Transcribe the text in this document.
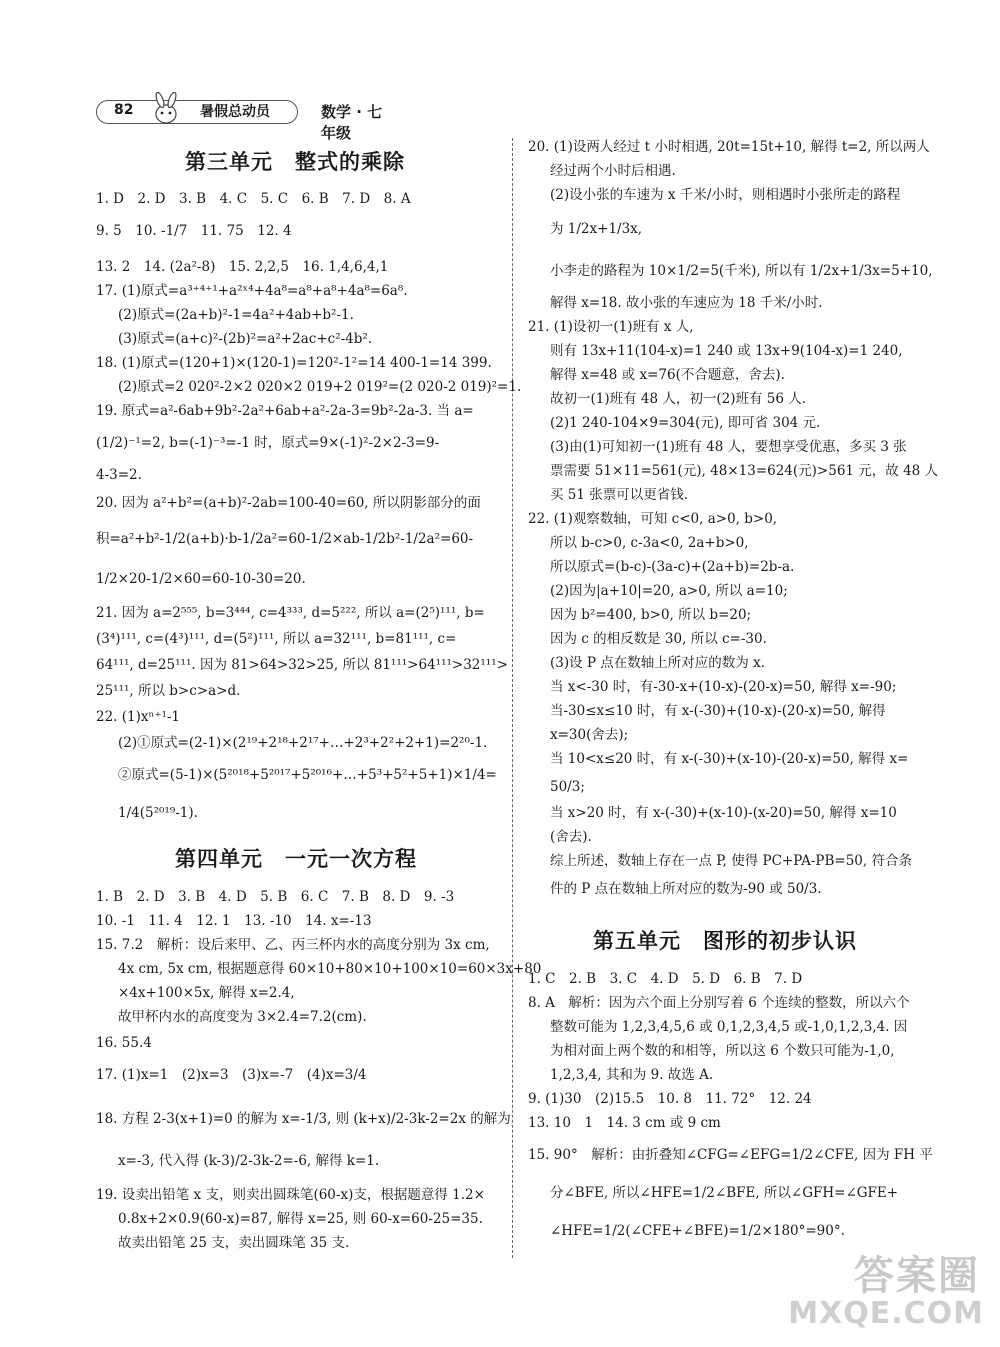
82	暑假总动员	数学 · 七年级
第三单元　整式的乘除
第四单元　一元一次方程
第五单元　图形的初步认识
1. D　2. D　3. B　4. C　5. C　6. B　7. D　8. A
9. 5　10. -1/7　11. 75　12. 4
13. 2　14. (2a²-8)　15. 2,2,5　16. 1,4,6,4,1
17. (1)原式=a³⁺⁴⁺¹+a²ˣ⁴+4a⁸=a⁸+a⁸+4a⁸=6a⁸.
(2)原式=(2a+b)²-1=4a²+4ab+b²-1.
(3)原式=(a+c)²-(2b)²=a²+2ac+c²-4b².
18. (1)原式=(120+1)×(120-1)=120²-1²=14 400-1=14 399.
(2)原式=2 020²-2×2 020×2 019+2 019²=(2 020-2 019)²=1.
19. 原式=a²-6ab+9b²-2a²+6ab+a²-2a-3=9b²-2a-3. 当 a=
(1/2)⁻¹=2, b=(-1)⁻³=-1 时，原式=9×(-1)²-2×2-3=9-
4-3=2.
20. 因为 a²+b²=(a+b)²-2ab=100-40=60, 所以阴影部分的面
积=a²+b²-1/2(a+b)·b-1/2a²=60-1/2×ab-1/2b²-1/2a²=60-
1/2×20-1/2×60=60-10-30=20.
21. 因为 a=2⁵⁵⁵, b=3⁴⁴⁴, c=4³³³, d=5²²², 所以 a=(2⁵)¹¹¹, b=
(3⁴)¹¹¹, c=(4³)¹¹¹, d=(5²)¹¹¹, 所以 a=32¹¹¹, b=81¹¹¹, c=
64¹¹¹, d=25¹¹¹. 因为 81>64>32>25, 所以 81¹¹¹>64¹¹¹>32¹¹¹>
25¹¹¹, 所以 b>c>a>d.
22. (1)xⁿ⁺¹-1
(2)①原式=(2-1)×(2¹⁹+2¹⁸+2¹⁷+…+2³+2²+2+1)=2²⁰-1.
②原式=(5-1)×(5²⁰¹⁸+5²⁰¹⁷+5²⁰¹⁶+…+5³+5²+5+1)×1/4=
1/4(5²⁰¹⁹-1).
1. B　2. D　3. B　4. D　5. B　6. C　7. B　8. D　9. -3
10. -1　11. 4　12. 1　13. -10　14. x=-13
15. 7.2　解析：设后来甲、乙、丙三杯内水的高度分别为 3x cm,
4x cm, 5x cm, 根据题意得 60×10+80×10+100×10=60×3x+80
×4x+100×5x, 解得 x=2.4,
故甲杯内水的高度变为 3×2.4=7.2(cm).
16. 55.4
17. (1)x=1　(2)x=3　(3)x=-7　(4)x=3/4
18. 方程 2-3(x+1)=0 的解为 x=-1/3, 则 (k+x)/2-3k-2=2x 的解为
x=-3, 代入得 (k-3)/2-3k-2=-6, 解得 k=1.
19. 设卖出铅笔 x 支，则卖出圆珠笔(60-x)支，根据题意得 1.2×
0.8x+2×0.9(60-x)=87, 解得 x=25, 则 60-x=60-25=35.
故卖出铅笔 25 支，卖出圆珠笔 35 支.
20. (1)设两人经过 t 小时相遇, 20t=15t+10, 解得 t=2, 所以两人
经过两个小时后相遇.
(2)设小张的车速为 x 千米/小时，则相遇时小张所走的路程
为 1/2x+1/3x,
小李走的路程为 10×1/2=5(千米), 所以有 1/2x+1/3x=5+10,
解得 x=18. 故小张的车速应为 18 千米/小时.
21. (1)设初一(1)班有 x 人,
则有 13x+11(104-x)=1 240 或 13x+9(104-x)=1 240,
解得 x=48 或 x=76(不合题意，舍去).
故初一(1)班有 48 人，初一(2)班有 56 人.
(2)1 240-104×9=304(元), 即可省 304 元.
(3)由(1)可知初一(1)班有 48 人，要想享受优惠，多买 3 张
票需要 51×11=561(元), 48×13=624(元)>561 元，故 48 人
买 51 张票可以更省钱.
22. (1)观察数轴，可知 c<0, a>0, b>0,
所以 b-c>0, c-3a<0, 2a+b>0,
所以原式=(b-c)-(3a-c)+(2a+b)=2b-a.
(2)因为|a+10|=20, a>0, 所以 a=10;
因为 b²=400, b>0, 所以 b=20;
因为 c 的相反数是 30, 所以 c=-30.
(3)设 P 点在数轴上所对应的数为 x.
当 x<-30 时，有-30-x+(10-x)-(20-x)=50, 解得 x=-90;
当-30≤x≤10 时，有 x-(-30)+(10-x)-(20-x)=50, 解得
x=30(舍去);
当 10<x≤20 时，有 x-(-30)+(x-10)-(20-x)=50, 解得 x=
50/3;
当 x>20 时，有 x-(-30)+(x-10)-(x-20)=50, 解得 x=10
(舍去).
综上所述，数轴上存在一点 P, 使得 PC+PA-PB=50, 符合条
件的 P 点在数轴上所对应的数为-90 或 50/3.
1. C　2. B　3. C　4. D　5. D　6. B　7. D
8. A　解析：因为六个面上分别写着 6 个连续的整数，所以六个
整数可能为 1,2,3,4,5,6 或 0,1,2,3,4,5 或-1,0,1,2,3,4. 因
为相对面上两个数的和相等，所以这 6 个数只可能为-1,0,
1,2,3,4, 其和为 9. 故选 A.
9. (1)30　(2)15.5　10. 8　11. 72°　12. 24
13. 10　1　14. 3 cm 或 9 cm
15. 90°　解析：由折叠知∠CFG=∠EFG=1/2∠CFE, 因为 FH 平
分∠BFE, 所以∠HFE=1/2∠BFE, 所以∠GFH=∠GFE+
∠HFE=1/2(∠CFE+∠BFE)=1/2×180°=90°.
答案圈
MXQE.COM
